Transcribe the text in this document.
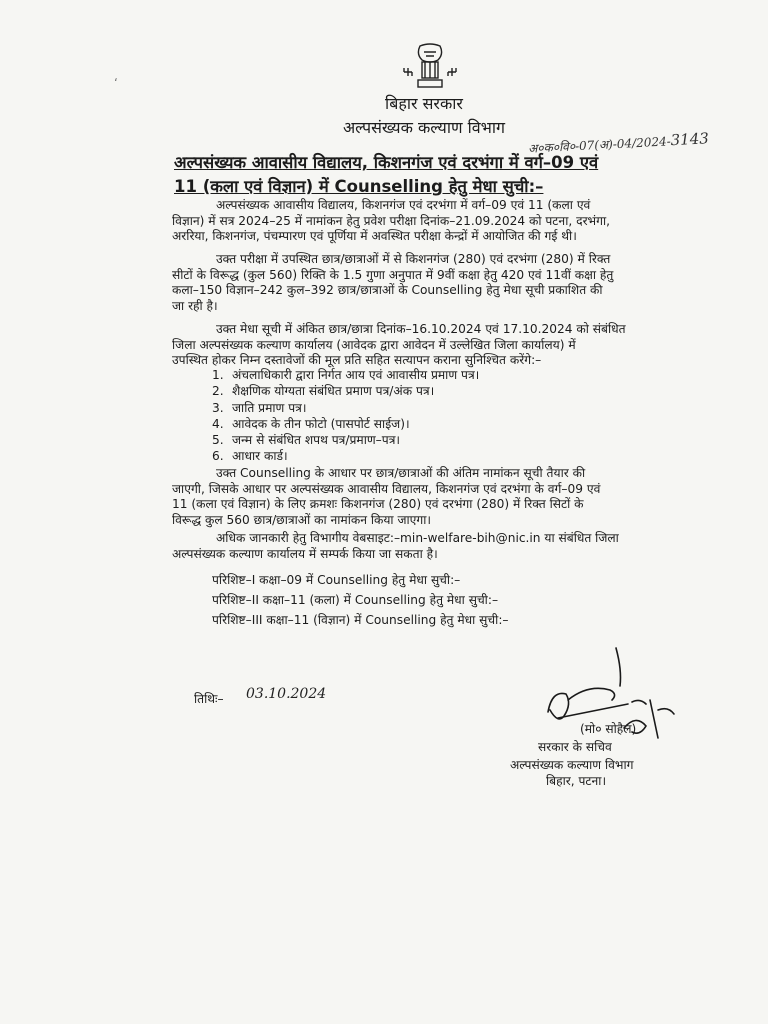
‘
बिहार सरकार
अल्पसंख्यक कल्याण विभाग
अ०क०वि०-07(अ)-04/2024-3143
अल्पसंख्यक आवासीय विद्यालय, किशनगंज एवं दरभंगा में वर्ग–09 एवं
11 (कला एवं विज्ञान) में Counselling हेतु मेधा सुची:–
अल्पसंख्यक आवासीय विद्यालय, किशनगंज एवं दरभंगा में वर्ग–09 एवं 11 (कला एवं
विज्ञान) में सत्र 2024–25 में नामांकन हेतु प्रवेश परीक्षा दिनांक–21.09.2024 को पटना, दरभंगा,
अररिया, किशनगंज, पंचम्पारण एवं पूर्णिया में अवस्थित परीक्षा केन्द्रों में आयोजित की गई थी।
उक्त परीक्षा में उपस्थित छात्र/छात्राओं में से किशनगंज (280) एवं दरभंगा (280) में रिक्त
सीटों के विरूद्ध (कुल 560) रिक्ति के 1.5 गुणा अनुपात में 9वीं कक्षा हेतु 420 एवं 11वीं कक्षा हेतु
कला–150 विज्ञान–242 कुल–392 छात्र/छात्राओं के Counselling हेतु मेधा सूची प्रकाशित की
जा रही है।
उक्त मेधा सूची में अंकित छात्र/छात्रा दिनांक–16.10.2024 एवं 17.10.2024 को संबंधित
जिला अल्पसंख्यक कल्याण कार्यालय (आवेदक द्वारा आवेदन में उल्लेखित जिला कार्यालय) में
उपस्थित होकर निम्न दस्तावेजों की मूल प्रति सहित सत्यापन कराना सुनिश्चित करेंगे:–
1. अंचलाधिकारी द्वारा निर्गत आय एवं आवासीय प्रमाण पत्र।
2. शैक्षणिक योग्यता संबंधित प्रमाण पत्र/अंक पत्र।
3. जाति प्रमाण पत्र।
4. आवेदक के तीन फोटो (पासपोर्ट साईज)।
5. जन्म से संबंधित शपथ पत्र/प्रमाण–पत्र।
6. आधार कार्ड।
उक्त Counselling के आधार पर छात्र/छात्राओं की अंतिम नामांकन सूची तैयार की
जाएगी, जिसके आधार पर अल्पसंख्यक आवासीय विद्यालय, किशनगंज एवं दरभंगा के वर्ग–09 एवं
11 (कला एवं विज्ञान) के लिए क्रमशः किशनगंज (280) एवं दरभंगा (280) में रिक्त सिटों के
विरूद्ध कुल 560 छात्र/छात्राओं का नामांकन किया जाएगा।
अधिक जानकारी हेतु विभागीय वेबसाइट:–min-welfare-bih@nic.in या संबंधित जिला
अल्पसंख्यक कल्याण कार्यालय में सम्पर्क किया जा सकता है।
परिशिष्ट–I कक्षा–09 में Counselling हेतु मेधा सुची:–
परिशिष्ट–II कक्षा–11 (कला) में Counselling हेतु मेधा सुची:–
परिशिष्ट–III कक्षा–11 (विज्ञान) में Counselling हेतु मेधा सुची:–
तिथिः– 03.10.2024
(मो० सोहैल)
सरकार के सचिव
अल्पसंख्यक कल्याण विभाग
बिहार, पटना।
